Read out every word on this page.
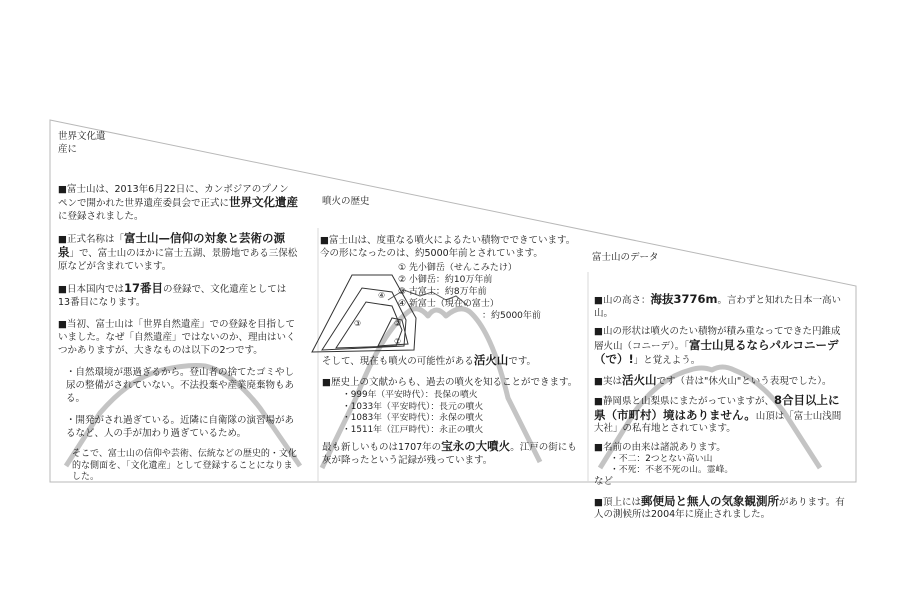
④
③	②
①
世界文化遺産に
■富士山は、2013年6月22日に、カンボジアのプノンペンで開かれた世界遺産委員会で正式に世界文化遺産に登録されました。
■正式名称は「富士山—信仰の対象と芸術の源泉」で、富士山のほかに富士五湖、景勝地である三保松原などが含まれています。
■日本国内では17番目の登録で、文化遺産としては13番目になります。
■当初、富士山は「世界自然遺産」での登録を目指していました。なぜ「自然遺産」ではないのか、理由はいくつかありますが、大きなものは以下の2つです。
・自然環境が悪過ぎるから。登山者の捨てたゴミやし尿の整備がされていない。不法投棄や産業廃棄物もある。
・開発がされ過ぎている。近隣に自衛隊の演習場があるなど、人の手が加わり過ぎているため。
そこで、富士山の信仰や芸術、伝統などの歴史的・文化的な側面を、「文化遺産」として登録することになりました。
噴火の歴史
■富士山は、度重なる噴火によるたい積物でできています。今の形になったのは、約5000年前とされています。
① 先小御岳（せんこみたけ）
② 小御岳：約10万年前
③ 古富士：約8万年前
④ 新富士（現在の富士）
：約5000年前
そして、現在も噴火の可能性がある活火山です。
■歴史上の文献からも、過去の噴火を知ることができます。
・999年（平安時代）：長保の噴火
・1033年（平安時代）：長元の噴火
・1083年（平安時代）：永保の噴火
・1511年（江戸時代）：永正の噴火
最も新しいものは1707年の宝永の大噴火。江戸の街にも灰が降ったという記録が残っています。
富士山のデータ
■山の高さ：海抜3776m。言わずと知れた日本一高い山。
■山の形状は噴火のたい積物が積み重なってできた円錐成層火山（コニーデ）。「富士山見るならパルコニーデ（で）!」と覚えよう。
■実は活火山です（昔は"休火山"という表現でした）。
■静岡県と山梨県にまたがっていますが、8合目以上に県（市町村）境はありません。山頂は「富士山浅間大社」の私有地とされています。
■名前の由来は諸説あります。
・不二：2つとない高い山
・不死：不老不死の山。霊峰。
など
■頂上には郵便局と無人の気象観測所があります。有人の測候所は2004年に廃止されました。
